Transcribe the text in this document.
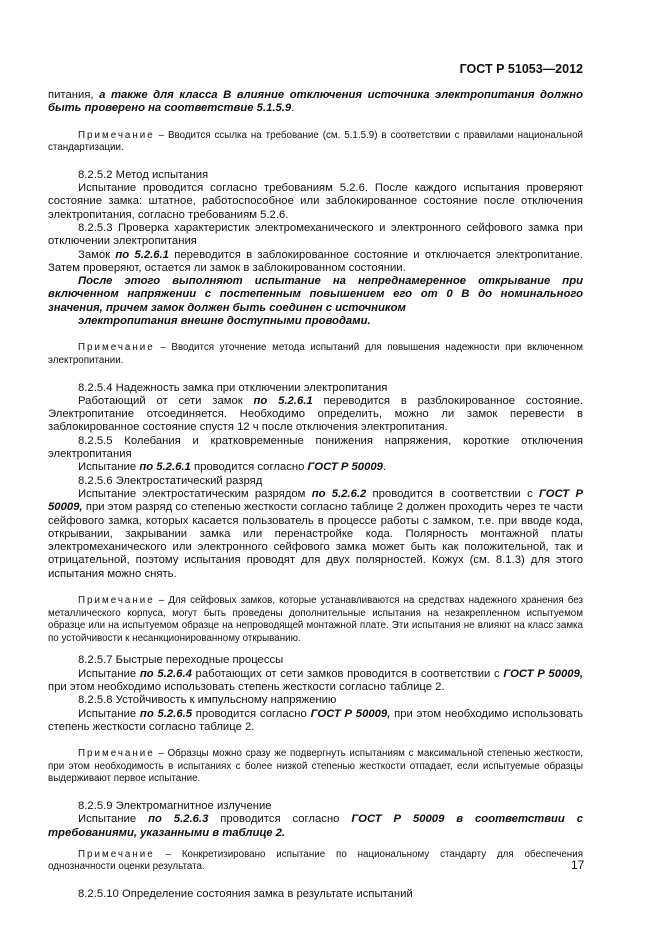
ГОСТ Р 51053—2012

питания, а также для класса В влияние отключения источника электропитания должно быть проверено на соответствие 5.1.5.9.

Примечание – Вводится ссылка на требование (см. 5.1.5.9) в соответствии с правилами национальной стандартизации.

8.2.5.2 Метод испытания

Испытание проводится согласно требованиям 5.2.6. После каждого испытания проверяют состояние замка: штатное, работоспособное или заблокированное состояние после отключения электропитания, согласно требованиям 5.2.6.

8.2.5.3 Проверка характеристик электромеханического и электронного сейфового замка при отключении электропитания

Замок по 5.2.6.1 переводится в заблокированное состояние и отключается электропитание. Затем проверяют, остается ли замок в заблокированном состоянии.

После этого выполняют испытание на непреднамеренное открывание при включенном напряжении с постепенным повышением его от 0 В до номинального значения, причем замок должен быть соединен с источником

электропитания внешне доступными проводами.

Примечание – Вводится уточнение метода испытаний для повышения надежности при включенном электропитании.

8.2.5.4 Надежность замка при отключении электропитания

Работающий от сети замок по 5.2.6.1 переводится в разблокированное состояние. Электропитание отсоединяется. Необходимо определить, можно ли замок перевести в заблокированное состояние спустя 12 ч после отключения электропитания.

8.2.5.5 Колебания и кратковременные понижения напряжения, короткие отключения электропитания

Испытание по 5.2.6.1 проводится согласно ГОСТ Р 50009.

8.2.5.6 Электростатический разряд

Испытание электростатическим разрядом по 5.2.6.2 проводится в соответствии с ГОСТ Р 50009, при этом разряд со степенью жесткости согласно таблице 2 должен проходить через те части сейфового замка, которых касается пользователь в процессе работы с замком, т.е. при вводе кода, открывании, закрывании замка или перенастройке кода. Полярность монтажной платы электромеханического или электронного сейфового замка может быть как положительной, так и отрицательной, поэтому испытания проводят для двух полярностей. Кожух (см. 8.1.3) для этого испытания можно снять.

Примечание – Для сейфовых замков, которые устанавливаются на средствах надежного хранения без металлического корпуса, могут быть проведены дополнительные испытания на незакрепленном испытуемом образце или на испытуемом образце на непроводящей монтажной плате. Эти испытания не влияют на класс замка по устойчивости к несанкционированному открыванию.

8.2.5.7 Быстрые переходные процессы

Испытание по 5.2.6.4 работающих от сети замков проводится в соответствии с ГОСТ Р 50009, при этом необходимо использовать степень жесткости согласно таблице 2.

8.2.5.8 Устойчивость к импульсному напряжению

Испытание по 5.2.6.5 проводится согласно ГОСТ Р 50009, при этом необходимо использовать степень жесткости согласно таблице 2.

Примечание – Образцы можно сразу же подвергнуть испытаниям с максимальной степенью жесткости, при этом необходимость в испытаниях с более низкой степенью жесткости отпадает, если испытуемые образцы выдерживают первое испытание.

8.2.5.9 Электромагнитное излучение

Испытание по 5.2.6.3 проводится согласно ГОСТ Р 50009 в соответствии с требованиями, указанными в таблице 2.

Примечание – Конкретизировано испытание по национальному стандарту для обеспечения однозначности оценки результата.

8.2.5.10 Определение состояния замка в результате испытаний

17
